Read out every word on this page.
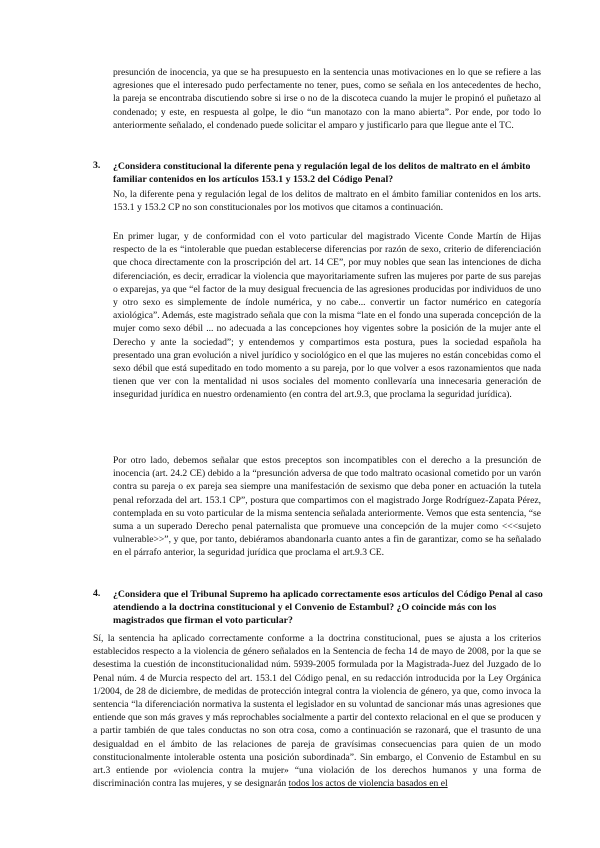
presunción de inocencia, ya que se ha presupuesto en la sentencia unas motivaciones en lo que se refiere a las agresiones que el interesado pudo perfectamente no tener, pues, como se señala en los antecedentes de hecho, la pareja se encontraba discutiendo sobre si irse o no de la discoteca cuando la mujer le propinó el puñetazo al condenado; y este, en respuesta al golpe, le dio “un manotazo con la mano abierta”. Por ende, por todo lo anteriormente señalado, el condenado puede solicitar el amparo y justificarlo para que llegue ante el TC.

3. ¿Considera constitucional la diferente pena y regulación legal de los delitos de maltrato en el ámbito familiar contenidos en los artículos 153.1 y 153.2 del Código Penal?

No, la diferente pena y regulación legal de los delitos de maltrato en el ámbito familiar contenidos en los arts. 153.1 y 153.2 CP no son constitucionales por los motivos que citamos a continuación.

En primer lugar, y de conformidad con el voto particular del magistrado Vicente Conde Martín de Hijas respecto de la es “intolerable que puedan establecerse diferencias por razón de sexo, criterio de diferenciación que choca directamente con la proscripción del art. 14 CE”, por muy nobles que sean las intenciones de dicha diferenciación, es decir, erradicar la violencia que mayoritariamente sufren las mujeres por parte de sus parejas o exparejas, ya que “el factor de la muy desigual frecuencia de las agresiones producidas por individuos de uno y otro sexo es simplemente de índole numérica, y no cabe... convertir un factor numérico en categoría axiológica”. Además, este magistrado señala que con la misma “late en el fondo una superada concepción de la mujer como sexo débil ... no adecuada a las concepciones hoy vigentes sobre la posición de la mujer ante el Derecho y ante la sociedad”; y entendemos y compartimos esta postura, pues la sociedad española ha presentado una gran evolución a nivel jurídico y sociológico en el que las mujeres no están concebidas como el sexo débil que está supeditado en todo momento a su pareja, por lo que volver a esos razonamientos que nada tienen que ver con la mentalidad ni usos sociales del momento conllevaría una innecesaria generación de inseguridad jurídica en nuestro ordenamiento (en contra del art.9.3, que proclama la seguridad jurídica).

Por otro lado, debemos señalar que estos preceptos son incompatibles con el derecho a la presunción de inocencia (art. 24.2 CE) debido a la “presunción adversa de que todo maltrato ocasional cometido por un varón contra su pareja o ex pareja sea siempre una manifestación de sexismo que deba poner en actuación la tutela penal reforzada del art. 153.1 CP”, postura que compartimos con el magistrado Jorge Rodríguez-Zapata Pérez, contemplada en su voto particular de la misma sentencia señalada anteriormente. Vemos que esta sentencia, “se suma a un superado Derecho penal paternalista que promueve una concepción de la mujer como <<<sujeto vulnerable>>”, y que, por tanto, debiéramos abandonarla cuanto antes a fin de garantizar, como se ha señalado en el párrafo anterior, la seguridad jurídica que proclama el art.9.3 CE.

4. ¿Considera que el Tribunal Supremo ha aplicado correctamente esos artículos del Código Penal al caso atendiendo a la doctrina constitucional y el Convenio de Estambul? ¿O coincide más con los magistrados que firman el voto particular?

Sí, la sentencia ha aplicado correctamente conforme a la doctrina constitucional, pues se ajusta a los criterios establecidos respecto a la violencia de género señalados en la Sentencia de fecha 14 de mayo de 2008, por la que se desestima la cuestión de inconstitucionalidad núm. 5939-2005 formulada por la Magistrada-Juez del Juzgado de lo Penal núm. 4 de Murcia respecto del art. 153.1 del Código penal, en su redacción introducida por la Ley Orgánica 1/2004, de 28 de diciembre, de medidas de protección integral contra la violencia de género, ya que, como invoca la sentencia “la diferenciación normativa la sustenta el legislador en su voluntad de sancionar más unas agresiones que entiende que son más graves y más reprochables socialmente a partir del contexto relacional en el que se producen y a partir también de que tales conductas no son otra cosa, como a continuación se razonará, que el trasunto de una desigualdad en el ámbito de las relaciones de pareja de gravísimas consecuencias para quien de un modo constitucionalmente intolerable ostenta una posición subordinada”. Sin embargo, el Convenio de Estambul en su art.3 entiende por «violencia contra la mujer» “una violación de los derechos humanos y una forma de discriminación contra las mujeres, y se designarán todos los actos de violencia basados en el
